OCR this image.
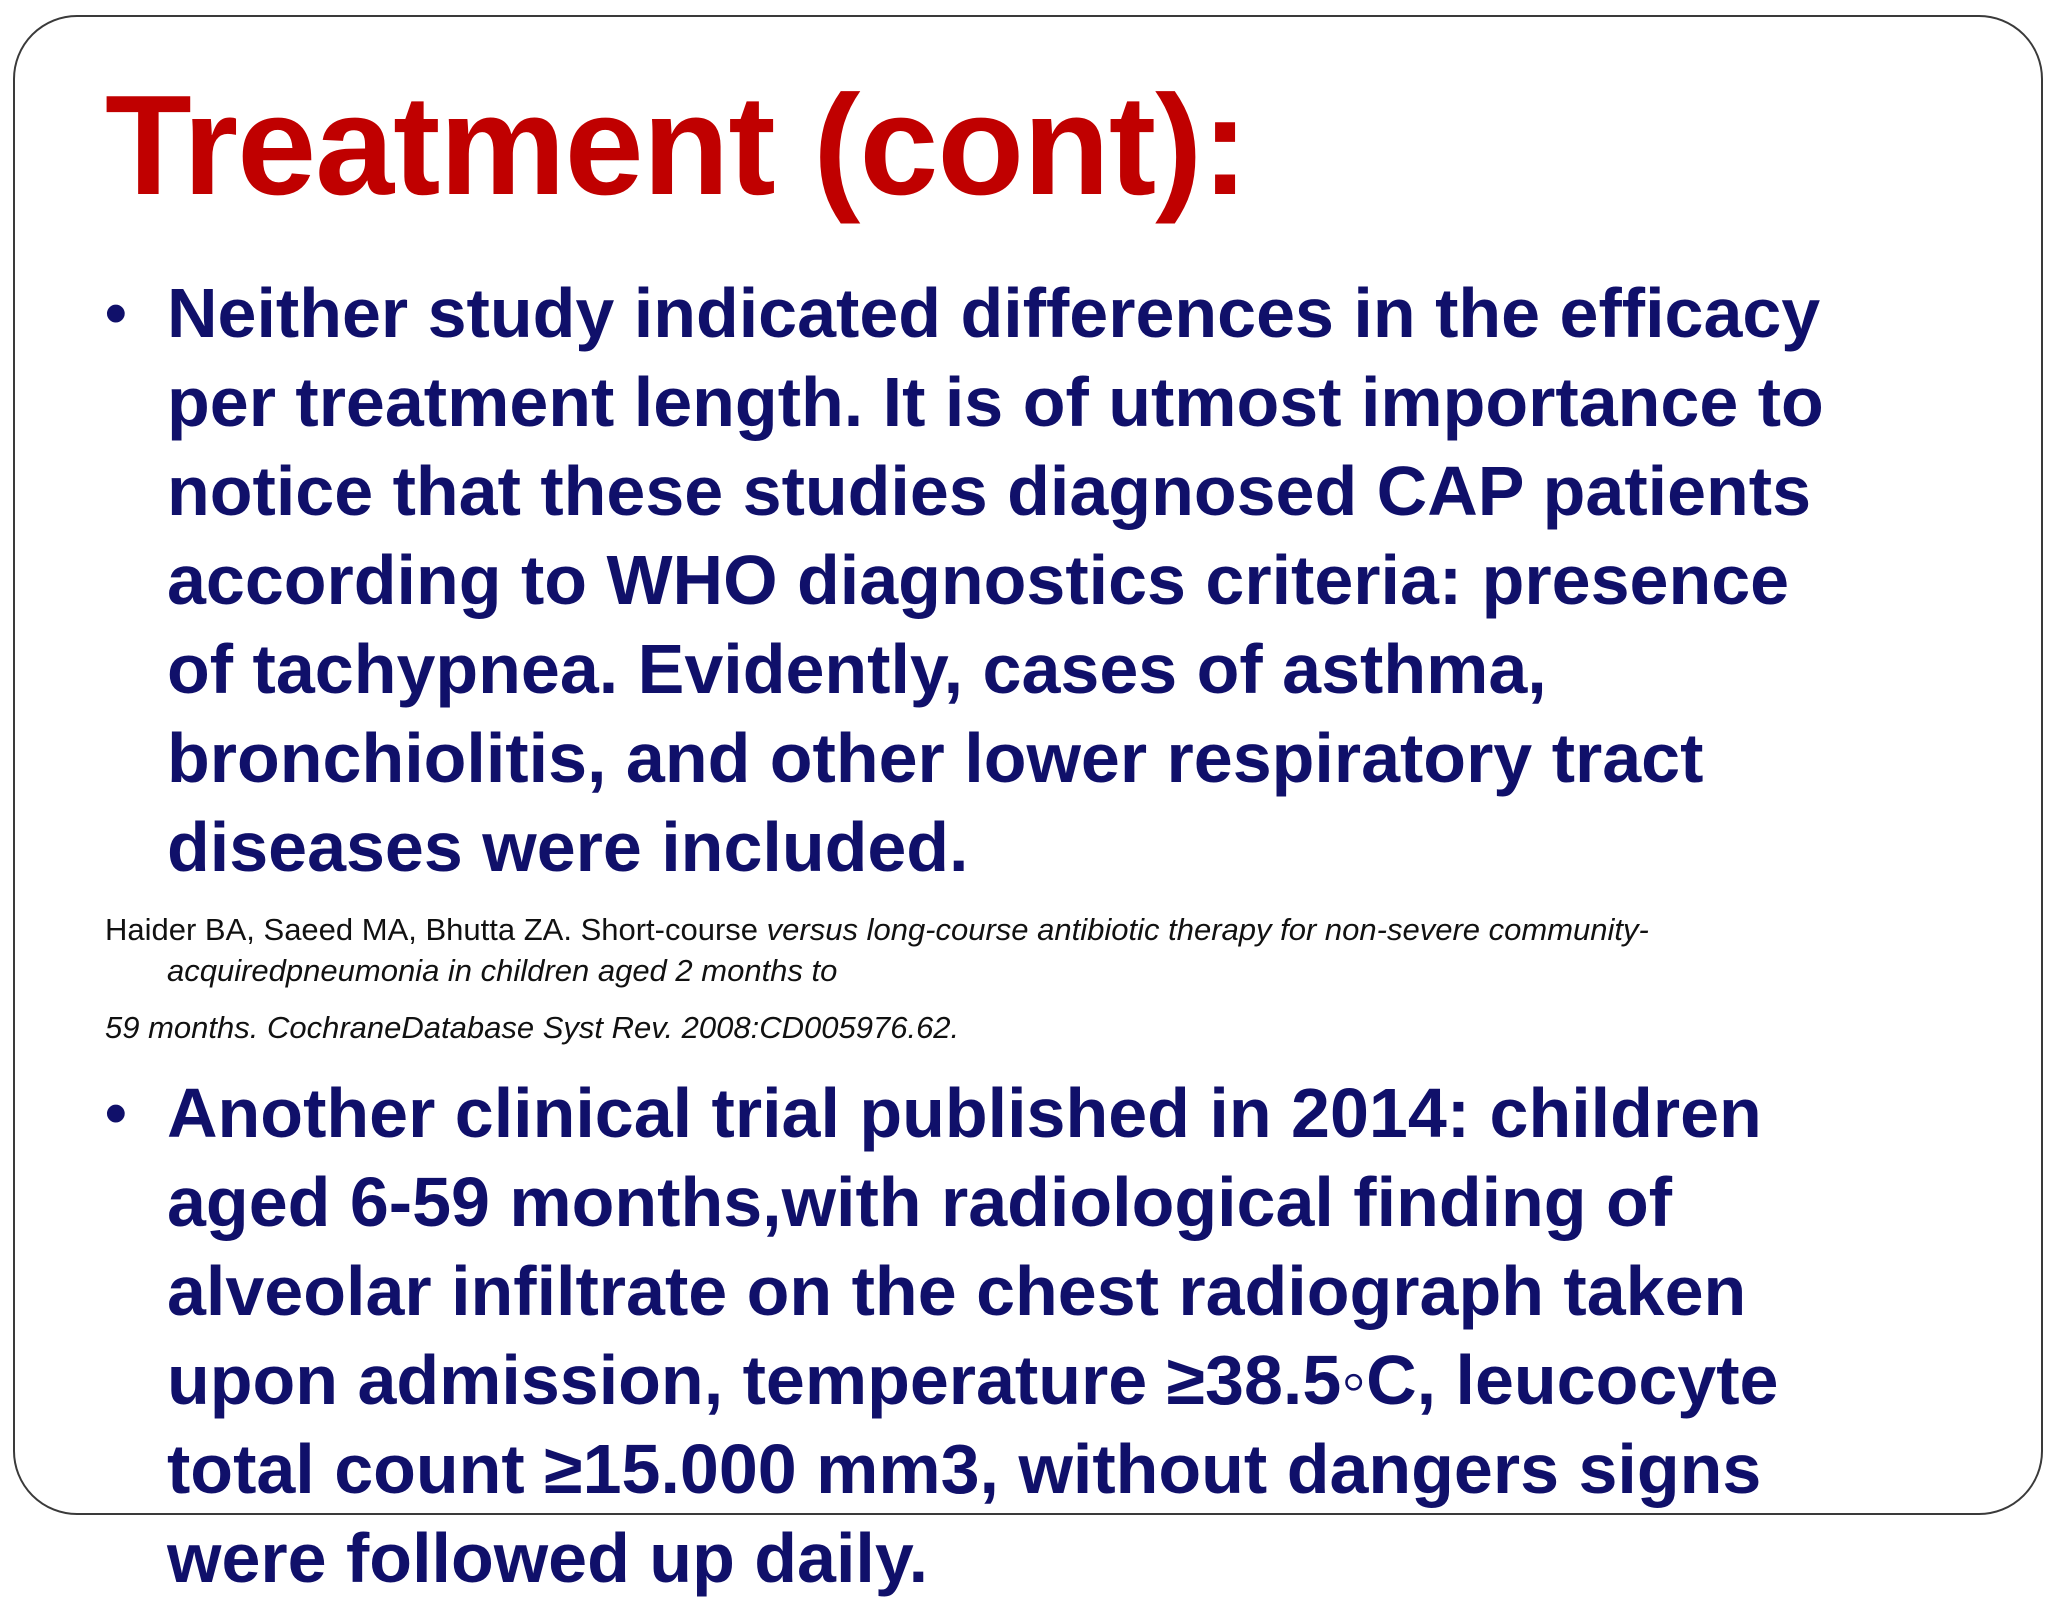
Treatment (cont):
• Neither study indicated differences in the efficacy
per treatment length. It is of utmost importance to
notice that these studies diagnosed CAP patients
according to WHO diagnostics criteria: presence
of tachypnea. Evidently, cases of asthma,
bronchiolitis, and other lower respiratory tract
diseases were included.
Haider BA, Saeed MA, Bhutta ZA. Short-course versus long-course antibiotic therapy for non-severe community-
acquiredpneumonia in children aged 2 months to
59 months. CochraneDatabase Syst Rev. 2008:CD005976.62.
• Another clinical trial published in 2014: children
aged 6-59 months,with radiological finding of
alveolar infiltrate on the chest radiograph taken
upon admission, temperature ≥38.5◦C, leucocyte
total count ≥15.000 mm3, without dangers signs
were followed up daily.
